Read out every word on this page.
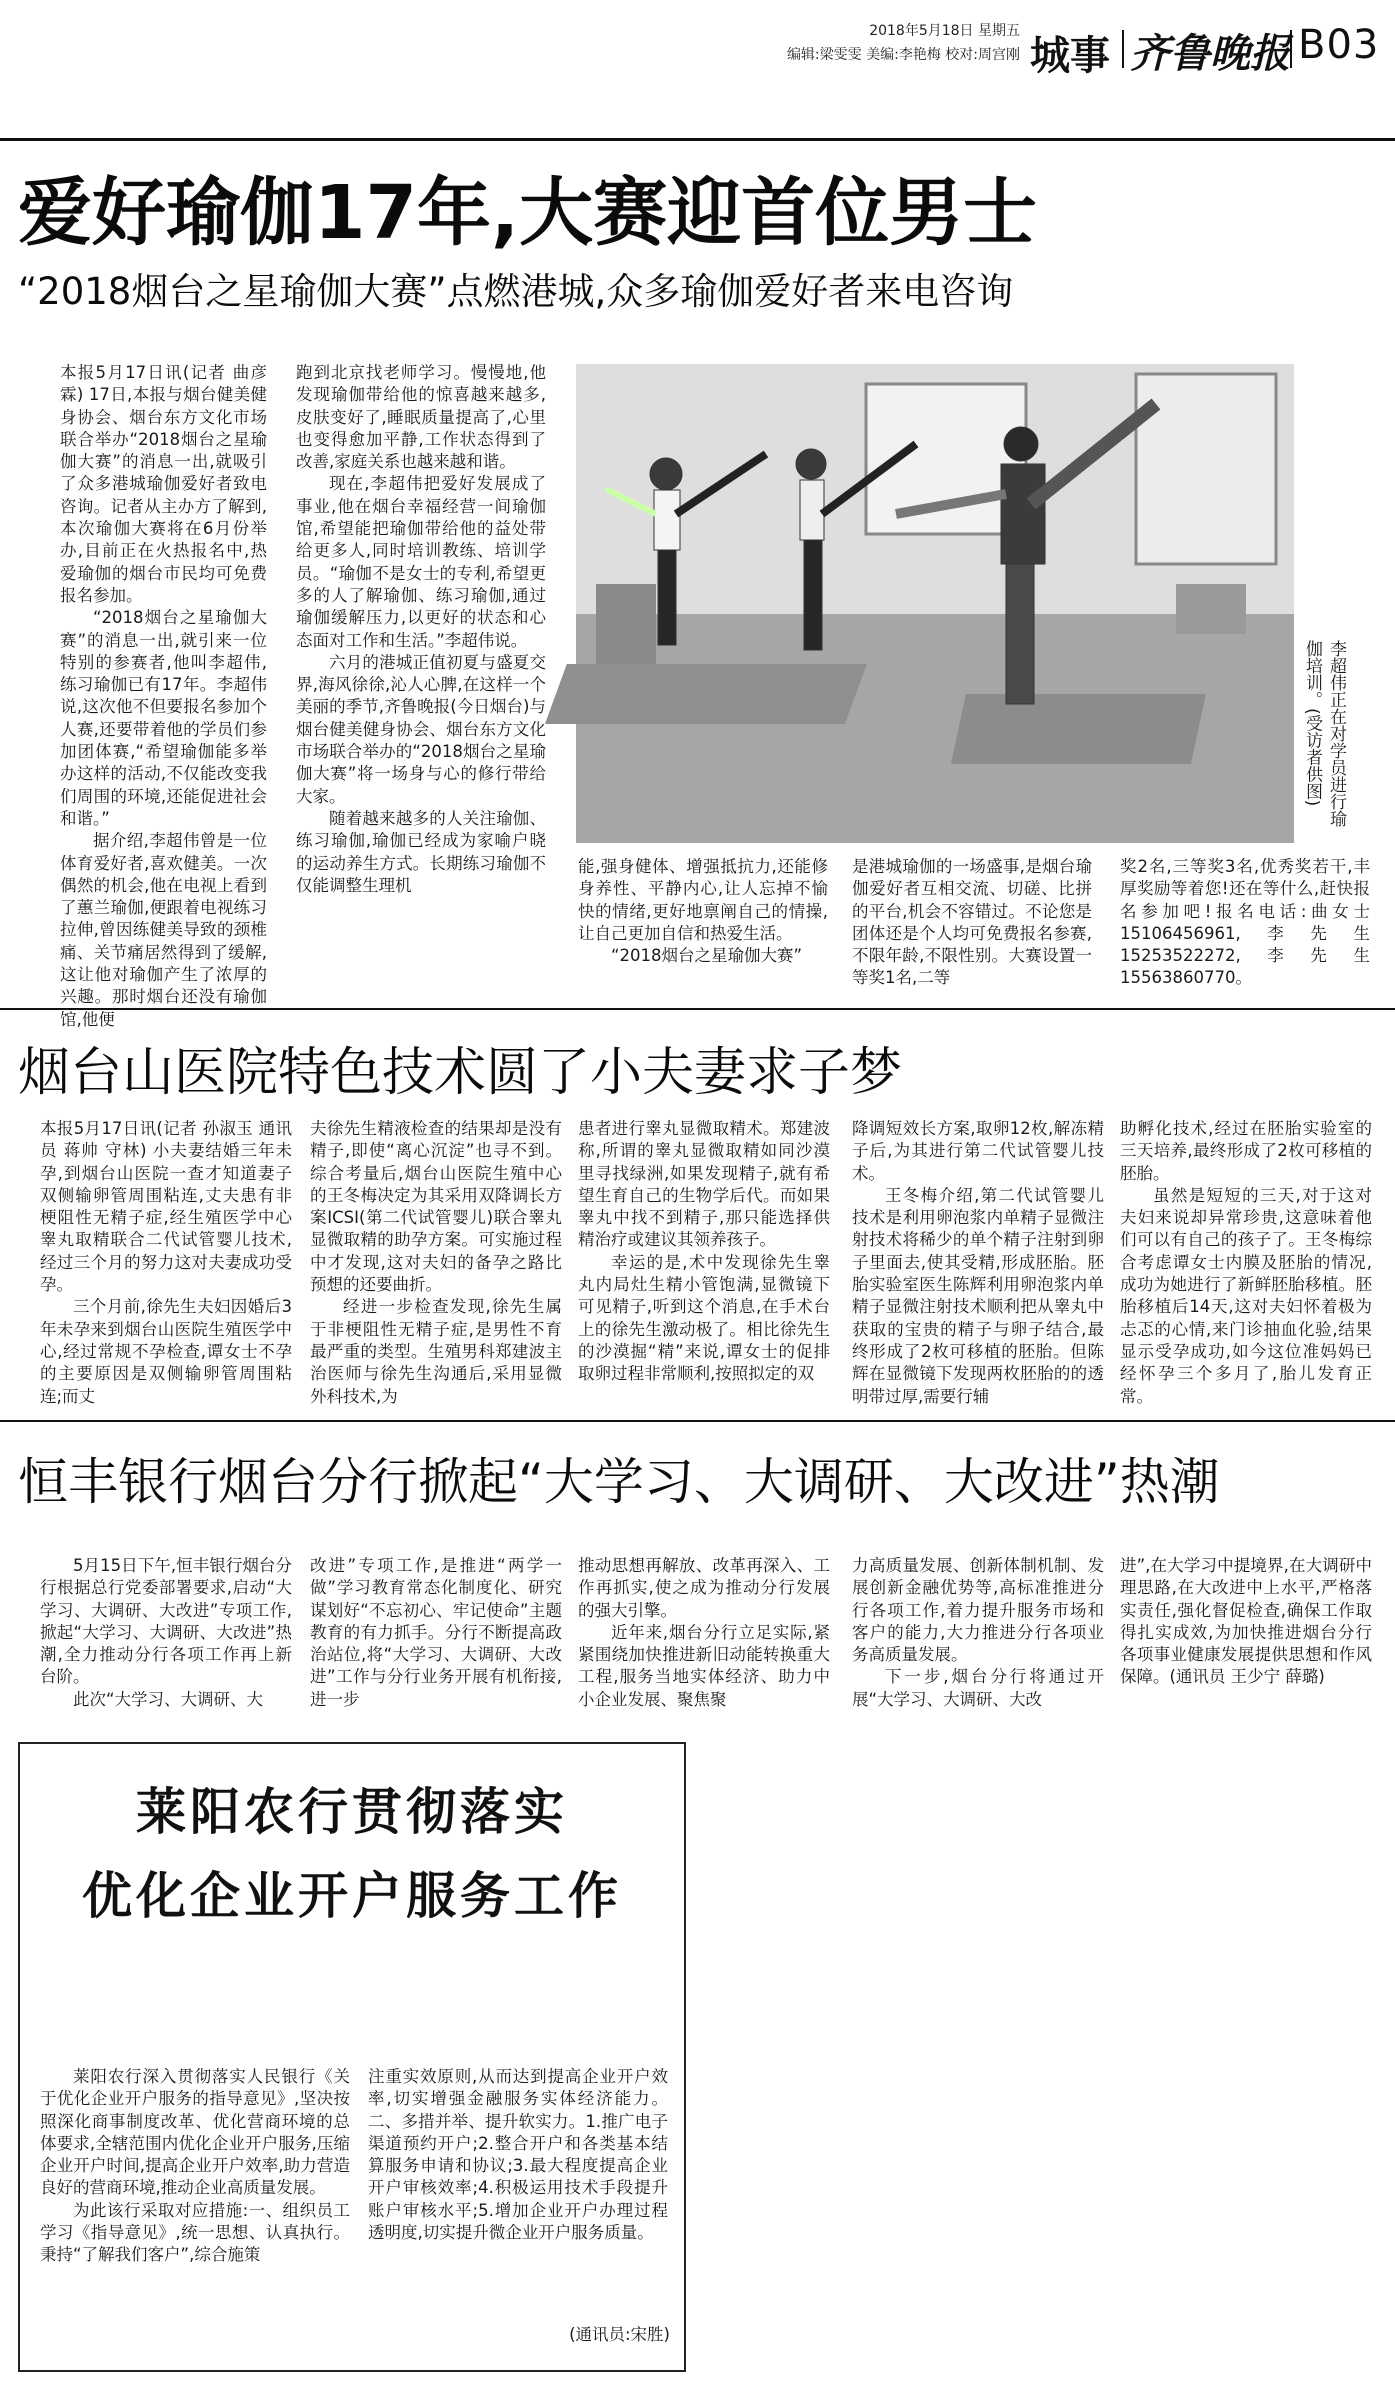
2018年5月18日 星期五
编辑:梁雯雯 美编:李艳梅 校对:周宫刚 城事 齐鲁晚报 B03
爱好瑜伽17年,大赛迎首位男士
“2018烟台之星瑜伽大赛”点燃港城,众多瑜伽爱好者来电咨询

本报5月17日讯(记者 曲彦霖) 17日,本报与烟台健美健身协会、烟台东方文化市场联合举办“2018烟台之星瑜伽大赛”的消息一出,就吸引了众多港城瑜伽爱好者致电咨询。记者从主办方了解到,本次瑜伽大赛将在6月份举办,目前正在火热报名中,热爱瑜伽的烟台市民均可免费报名参加。

“2018烟台之星瑜伽大赛”的消息一出,就引来一位特别的参赛者,他叫李超伟,练习瑜伽已有17年。李超伟说,这次他不但要报名参加个人赛,还要带着他的学员们参加团体赛,“希望瑜伽能多举办这样的活动,不仅能改变我们周围的环境,还能促进社会和谐。”

据介绍,李超伟曾是一位体育爱好者,喜欢健美。一次偶然的机会,他在电视上看到了蕙兰瑜伽,便跟着电视练习拉伸,曾因练健美导致的颈椎痛、关节痛居然得到了缓解,这让他对瑜伽产生了浓厚的兴趣。那时烟台还没有瑜伽馆,他便

跑到北京找老师学习。慢慢地,他发现瑜伽带给他的惊喜越来越多,皮肤变好了,睡眠质量提高了,心里也变得愈加平静,工作状态得到了改善,家庭关系也越来越和谐。

现在,李超伟把爱好发展成了事业,他在烟台幸福经营一间瑜伽馆,希望能把瑜伽带给他的益处带给更多人,同时培训教练、培训学员。“瑜伽不是女士的专利,希望更多的人了解瑜伽、练习瑜伽,通过瑜伽缓解压力,以更好的状态和心态面对工作和生活。”李超伟说。

六月的港城正值初夏与盛夏交界,海风徐徐,沁人心脾,在这样一个美丽的季节,齐鲁晚报(今日烟台)与烟台健美健身协会、烟台东方文化市场联合举办的“2018烟台之星瑜伽大赛”将一场身与心的修行带给大家。

随着越来越多的人关注瑜伽、练习瑜伽,瑜伽已经成为家喻户晓的运动养生方式。长期练习瑜伽不仅能调整生理机

李超伟正在对学员进行瑜伽培训。(受访者供图)

能,强身健体、增强抵抗力,还能修身养性、平静内心,让人忘掉不愉快的情绪,更好地禀阐自己的情操,让自己更加自信和热爱生活。

“2018烟台之星瑜伽大赛”

是港城瑜伽的一场盛事,是烟台瑜伽爱好者互相交流、切磋、比拼的平台,机会不容错过。不论您是团体还是个人均可免费报名参赛,不限年龄,不限性别。大赛设置一等奖1名,二等

奖2名,三等奖3名,优秀奖若干,丰厚奖励等着您!还在等什么,赶快报名参加吧!报名电话:曲女士 15106456961,李先生 15253522272,李先生15563860770。

烟台山医院特色技术圆了小夫妻求子梦

本报5月17日讯(记者 孙淑玉 通讯员 蒋帅 守林) 小夫妻结婚三年未孕,到烟台山医院一查才知道妻子双侧输卵管周围粘连,丈夫患有非梗阻性无精子症,经生殖医学中心睾丸取精联合二代试管婴儿技术,经过三个月的努力这对夫妻成功受孕。

三个月前,徐先生夫妇因婚后3年未孕来到烟台山医院生殖医学中心,经过常规不孕检查,谭女士不孕的主要原因是双侧输卵管周围粘连;而丈

夫徐先生精液检查的结果却是没有精子,即使“离心沉淀”也寻不到。综合考量后,烟台山医院生殖中心的王冬梅决定为其采用双降调长方案ICSI(第二代试管婴儿)联合睾丸显微取精的助孕方案。可实施过程中才发现,这对夫妇的备孕之路比预想的还要曲折。

经进一步检查发现,徐先生属于非梗阻性无精子症,是男性不育最严重的类型。生殖男科郑建波主治医师与徐先生沟通后,采用显微外科技术,为

患者进行睾丸显微取精术。郑建波称,所谓的睾丸显微取精如同沙漠里寻找绿洲,如果发现精子,就有希望生育自己的生物学后代。而如果睾丸中找不到精子,那只能选择供精治疗或建议其领养孩子。

幸运的是,术中发现徐先生睾丸内局灶生精小管饱满,显微镜下可见精子,听到这个消息,在手术台上的徐先生激动极了。相比徐先生的沙漠掘“精”来说,谭女士的促排取卵过程非常顺利,按照拟定的双

降调短效长方案,取卵12枚,解冻精子后,为其进行第二代试管婴儿技术。

王冬梅介绍,第二代试管婴儿技术是利用卵泡浆内单精子显微注射技术将稀少的单个精子注射到卵子里面去,使其受精,形成胚胎。胚胎实验室医生陈辉利用卵泡浆内单精子显微注射技术顺利把从睾丸中获取的宝贵的精子与卵子结合,最终形成了2枚可移植的胚胎。但陈辉在显微镜下发现两枚胚胎的的透明带过厚,需要行辅

助孵化技术,经过在胚胎实验室的三天培养,最终形成了2枚可移植的胚胎。

虽然是短短的三天,对于这对夫妇来说却异常珍贵,这意味着他们可以有自己的孩子了。王冬梅综合考虑谭女士内膜及胚胎的情况,成功为她进行了新鲜胚胎移植。胚胎移植后14天,这对夫妇怀着极为忐忑的心情,来门诊抽血化验,结果显示受孕成功,如今这位准妈妈已经怀孕三个多月了,胎儿发育正常。

恒丰银行烟台分行掀起“大学习、大调研、大改进”热潮

5月15日下午,恒丰银行烟台分行根据总行党委部署要求,启动“大学习、大调研、大改进”专项工作,掀起“大学习、大调研、大改进”热潮,全力推动分行各项工作再上新台阶。

此次“大学习、大调研、大

改进”专项工作,是推进“两学一做”学习教育常态化制度化、研究谋划好“不忘初心、牢记使命”主题教育的有力抓手。分行不断提高政治站位,将“大学习、大调研、大改进”工作与分行业务开展有机衔接,进一步

推动思想再解放、改革再深入、工作再抓实,使之成为推动分行发展的强大引擎。

近年来,烟台分行立足实际,紧紧围绕加快推进新旧动能转换重大工程,服务当地实体经济、助力中小企业发展、聚焦聚

力高质量发展、创新体制机制、发展创新金融优势等,高标准推进分行各项工作,着力提升服务市场和客户的能力,大力推进分行各项业务高质量发展。

下一步,烟台分行将通过开展“大学习、大调研、大改

进”,在大学习中提境界,在大调研中理思路,在大改进中上水平,严格落实责任,强化督促检查,确保工作取得扎实成效,为加快推进烟台分行各项事业健康发展提供思想和作风保障。(通讯员 王少宁 薛璐)

莱阳农行贯彻落实
优化企业开户服务工作

莱阳农行深入贯彻落实人民银行《关于优化企业开户服务的指导意见》,坚决按照深化商事制度改革、优化营商环境的总体要求,全辖范围内优化企业开户服务,压缩企业开户时间,提高企业开户效率,助力营造良好的营商环境,推动企业高质量发展。

为此该行采取对应措施:一、组织员工学习《指导意见》,统一思想、认真执行。秉持“了解我们客户”,综合施策

注重实效原则,从而达到提高企业开户效率,切实增强金融服务实体经济能力。二、多措并举、提升软实力。1.推广电子渠道预约开户;2.整合开户和各类基本结算服务申请和协议;3.最大程度提高企业开户审核效率;4.积极运用技术手段提升账户审核水平;5.增加企业开户办理过程透明度,切实提升微企业开户服务质量。

(通讯员:宋胜)
